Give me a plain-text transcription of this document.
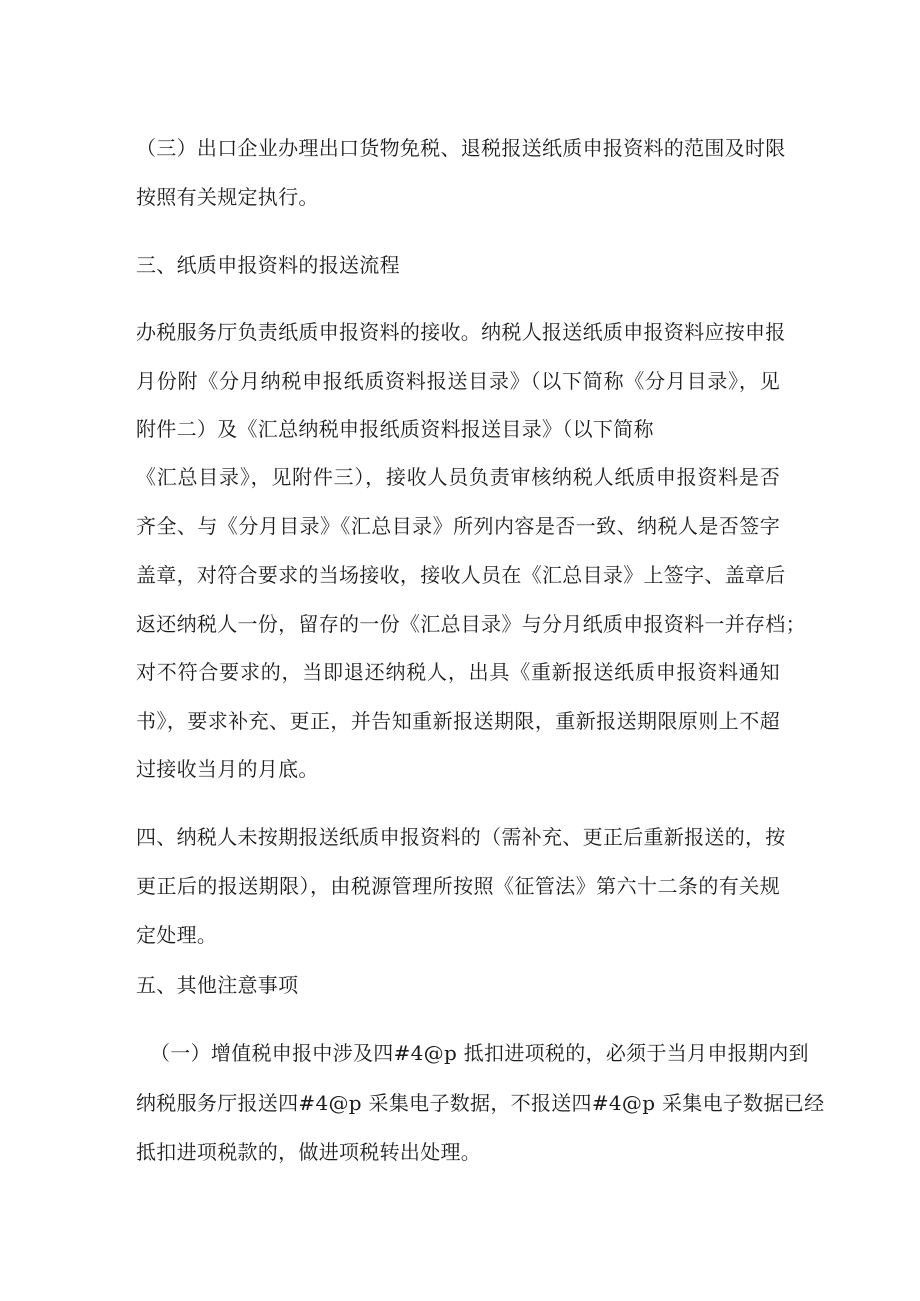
（三）出口企业办理出口货物免税、退税报送纸质申报资料的范围及时限

按照有关规定执行。

三、纸质申报资料的报送流程

办税服务厅负责纸质申报资料的接收。纳税人报送纸质申报资料应按申报

月份附《分月纳税申报纸质资料报送目录》（以下简称《分月目录》，见

附件二）及《汇总纳税申报纸质资料报送目录》（以下简称

《汇总目录》，见附件三），接收人员负责审核纳税人纸质申报资料是否

齐全、与《分月目录》《汇总目录》所列内容是否一致、纳税人是否签字

盖章，对符合要求的当场接收，接收人员在《汇总目录》上签字、盖章后

返还纳税人一份，留存的一份《汇总目录》与分月纸质申报资料一并存档；

对不符合要求的，当即退还纳税人，出具《重新报送纸质申报资料通知

书》，要求补充、更正，并告知重新报送期限，重新报送期限原则上不超

过接收当月的月底。

四、纳税人未按期报送纸质申报资料的（需补充、更正后重新报送的，按

更正后的报送期限），由税源管理所按照《征管法》第六十二条的有关规

定处理。

五、其他注意事项

（一）增值税申报中涉及四#4@p 抵扣进项税的，必须于当月申报期内到

纳税服务厅报送四#4@p 采集电子数据，不报送四#4@p 采集电子数据已经

抵扣进项税款的，做进项税转出处理。
